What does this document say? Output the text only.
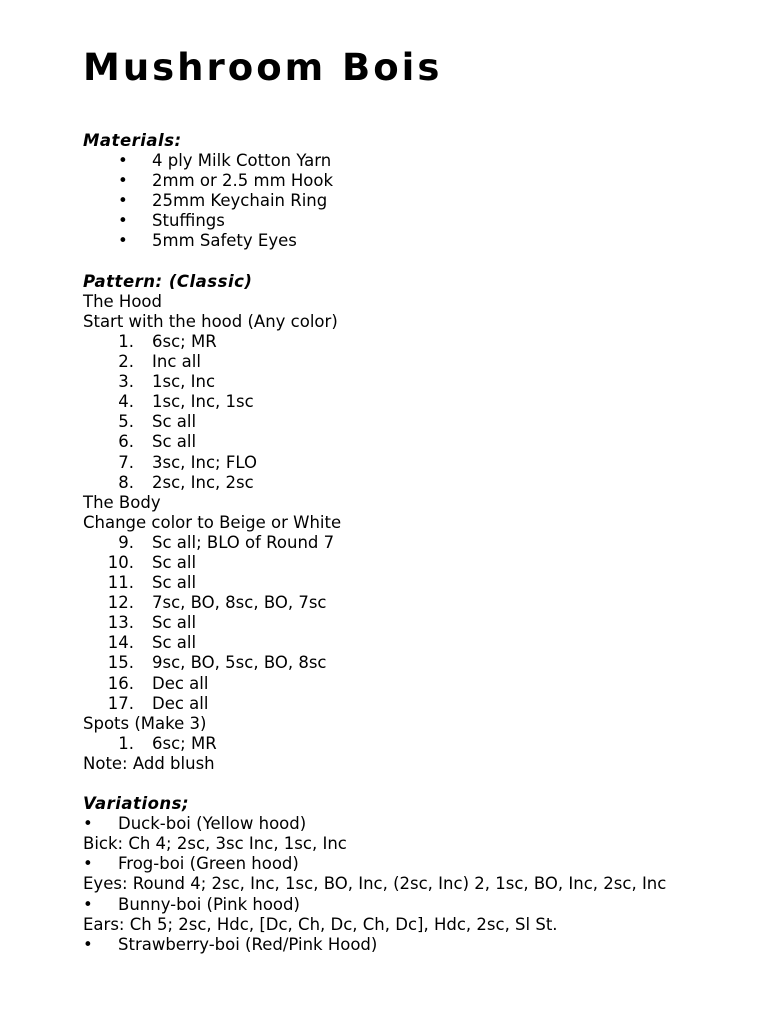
Mushroom Bois
Materials:
• 4 ply Milk Cotton Yarn
• 2mm or 2.5 mm Hook
• 25mm Keychain Ring
• Stuffings
• 5mm Safety Eyes
Pattern: (Classic)
The Hood
Start with the hood (Any color)
1. 6sc; MR
2. Inc all
3. 1sc, Inc
4. 1sc, Inc, 1sc
5. Sc all
6. Sc all
7. 3sc, Inc; FLO
8. 2sc, Inc, 2sc
The Body
Change color to Beige or White
9. Sc all; BLO of Round 7
10. Sc all
11. Sc all
12. 7sc, BO, 8sc, BO, 7sc
13. Sc all
14. Sc all
15. 9sc, BO, 5sc, BO, 8sc
16. Dec all
17. Dec all
Spots (Make 3)
1. 6sc; MR
Note: Add blush
Variations;
• Duck-boi (Yellow hood)
Bick: Ch 4; 2sc, 3sc Inc, 1sc, Inc
• Frog-boi (Green hood)
Eyes: Round 4; 2sc, Inc, 1sc, BO, Inc, (2sc, Inc) 2, 1sc, BO, Inc, 2sc, Inc
• Bunny-boi (Pink hood)
Ears: Ch 5; 2sc, Hdc, [Dc, Ch, Dc, Ch, Dc], Hdc, 2sc, Sl St.
• Strawberry-boi (Red/Pink Hood)
